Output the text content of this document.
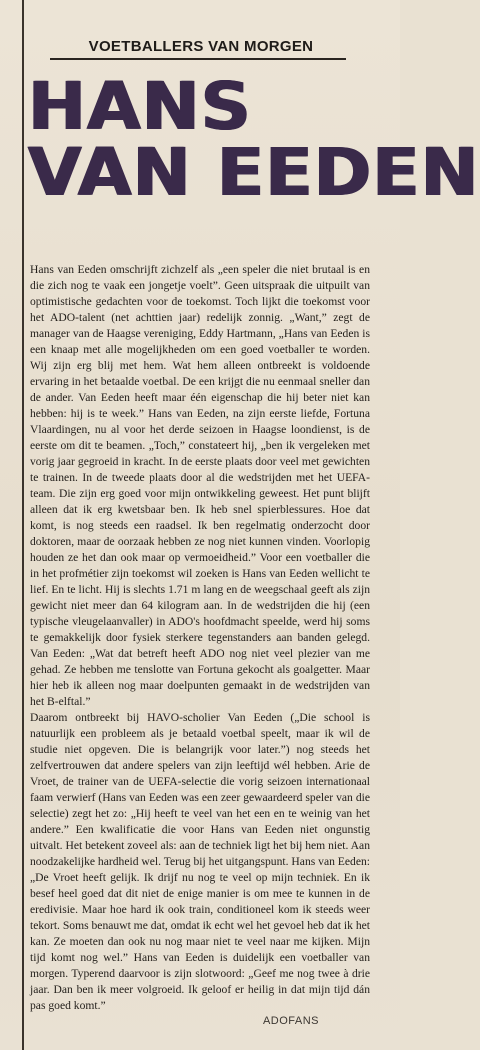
VOETBALLERS VAN MORGEN
HANS
VAN EEDEN

Hans van Eeden omschrijft zichzelf als „een speler die niet brutaal is en die zich nog te vaak een jongetje voelt”. Geen uitspraak die uitpuilt van optimistische gedachten voor de toekomst. Toch lijkt die toekomst voor het ADO-talent (net achttien jaar) redelijk zonnig. „Want,” zegt de manager van de Haagse vereniging, Eddy Hartmann, „Hans van Eeden is een knaap met alle mogelijkheden om een goed voetballer te worden. Wij zijn erg blij met hem. Wat hem alleen ontbreekt is voldoende ervaring in het betaalde voetbal. De een krijgt die nu eenmaal sneller dan de ander. Van Eeden heeft maar één eigenschap die hij beter niet kan hebben: hij is te week.” Hans van Eeden, na zijn eerste liefde, Fortuna Vlaardingen, nu al voor het derde seizoen in Haagse loondienst, is de eerste om dit te beamen. „Toch,” constateert hij, „ben ik vergeleken met vorig jaar gegroeid in kracht. In de eerste plaats door veel met gewichten te trainen. In de tweede plaats door al die wedstrijden met het UEFA-team. Die zijn erg goed voor mijn ontwikkeling geweest. Het punt blijft alleen dat ik erg kwetsbaar ben. Ik heb snel spierblessures. Hoe dat komt, is nog steeds een raadsel. Ik ben regelmatig onderzocht door doktoren, maar de oorzaak hebben ze nog niet kunnen vinden. Voorlopig houden ze het dan ook maar op vermoeidheid.” Voor een voetballer die in het profmétier zijn toekomst wil zoeken is Hans van Eeden wellicht te lief. En te licht. Hij is slechts 1.71 m lang en de weegschaal geeft als zijn gewicht niet meer dan 64 kilogram aan. In de wedstrijden die hij (een typische vleugelaanvaller) in ADO's hoofdmacht speelde, werd hij soms te gemakkelijk door fysiek sterkere tegenstanders aan banden gelegd. Van Eeden: „Wat dat betreft heeft ADO nog niet veel plezier van me gehad. Ze hebben me tenslotte van Fortuna gekocht als goalgetter. Maar hier heb ik alleen nog maar doelpunten gemaakt in de wedstrijden van het B-elftal.”

Daarom ontbreekt bij HAVO-scholier Van Eeden („Die school is natuurlijk een probleem als je betaald voetbal speelt, maar ik wil de studie niet opgeven. Die is belangrijk voor later.”) nog steeds het zelfvertrouwen dat andere spelers van zijn leeftijd wél hebben. Arie de Vroet, de trainer van de UEFA-selectie die vorig seizoen internationaal faam verwierf (Hans van Eeden was een zeer gewaardeerd speler van die selectie) zegt het zo: „Hij heeft te veel van het een en te weinig van het andere.” Een kwalificatie die voor Hans van Eeden niet ongunstig uitvalt. Het betekent zoveel als: aan de techniek ligt het bij hem niet. Aan noodzakelijke hardheid wel. Terug bij het uitgangspunt. Hans van Eeden: „De Vroet heeft gelijk. Ik drijf nu nog te veel op mijn techniek. En ik besef heel goed dat dit niet de enige manier is om mee te kunnen in de eredivisie. Maar hoe hard ik ook train, conditioneel kom ik steeds weer tekort. Soms benauwt me dat, omdat ik echt wel het gevoel heb dat ik het kan. Ze moeten dan ook nu nog maar niet te veel naar me kijken. Mijn tijd komt nog wel.” Hans van Eeden is duidelijk een voetballer van morgen. Typerend daarvoor is zijn slotwoord: „Geef me nog twee à drie jaar. Dan ben ik meer volgroeid. Ik geloof er heilig in dat mijn tijd dán pas goed komt.”

ADOFANS
